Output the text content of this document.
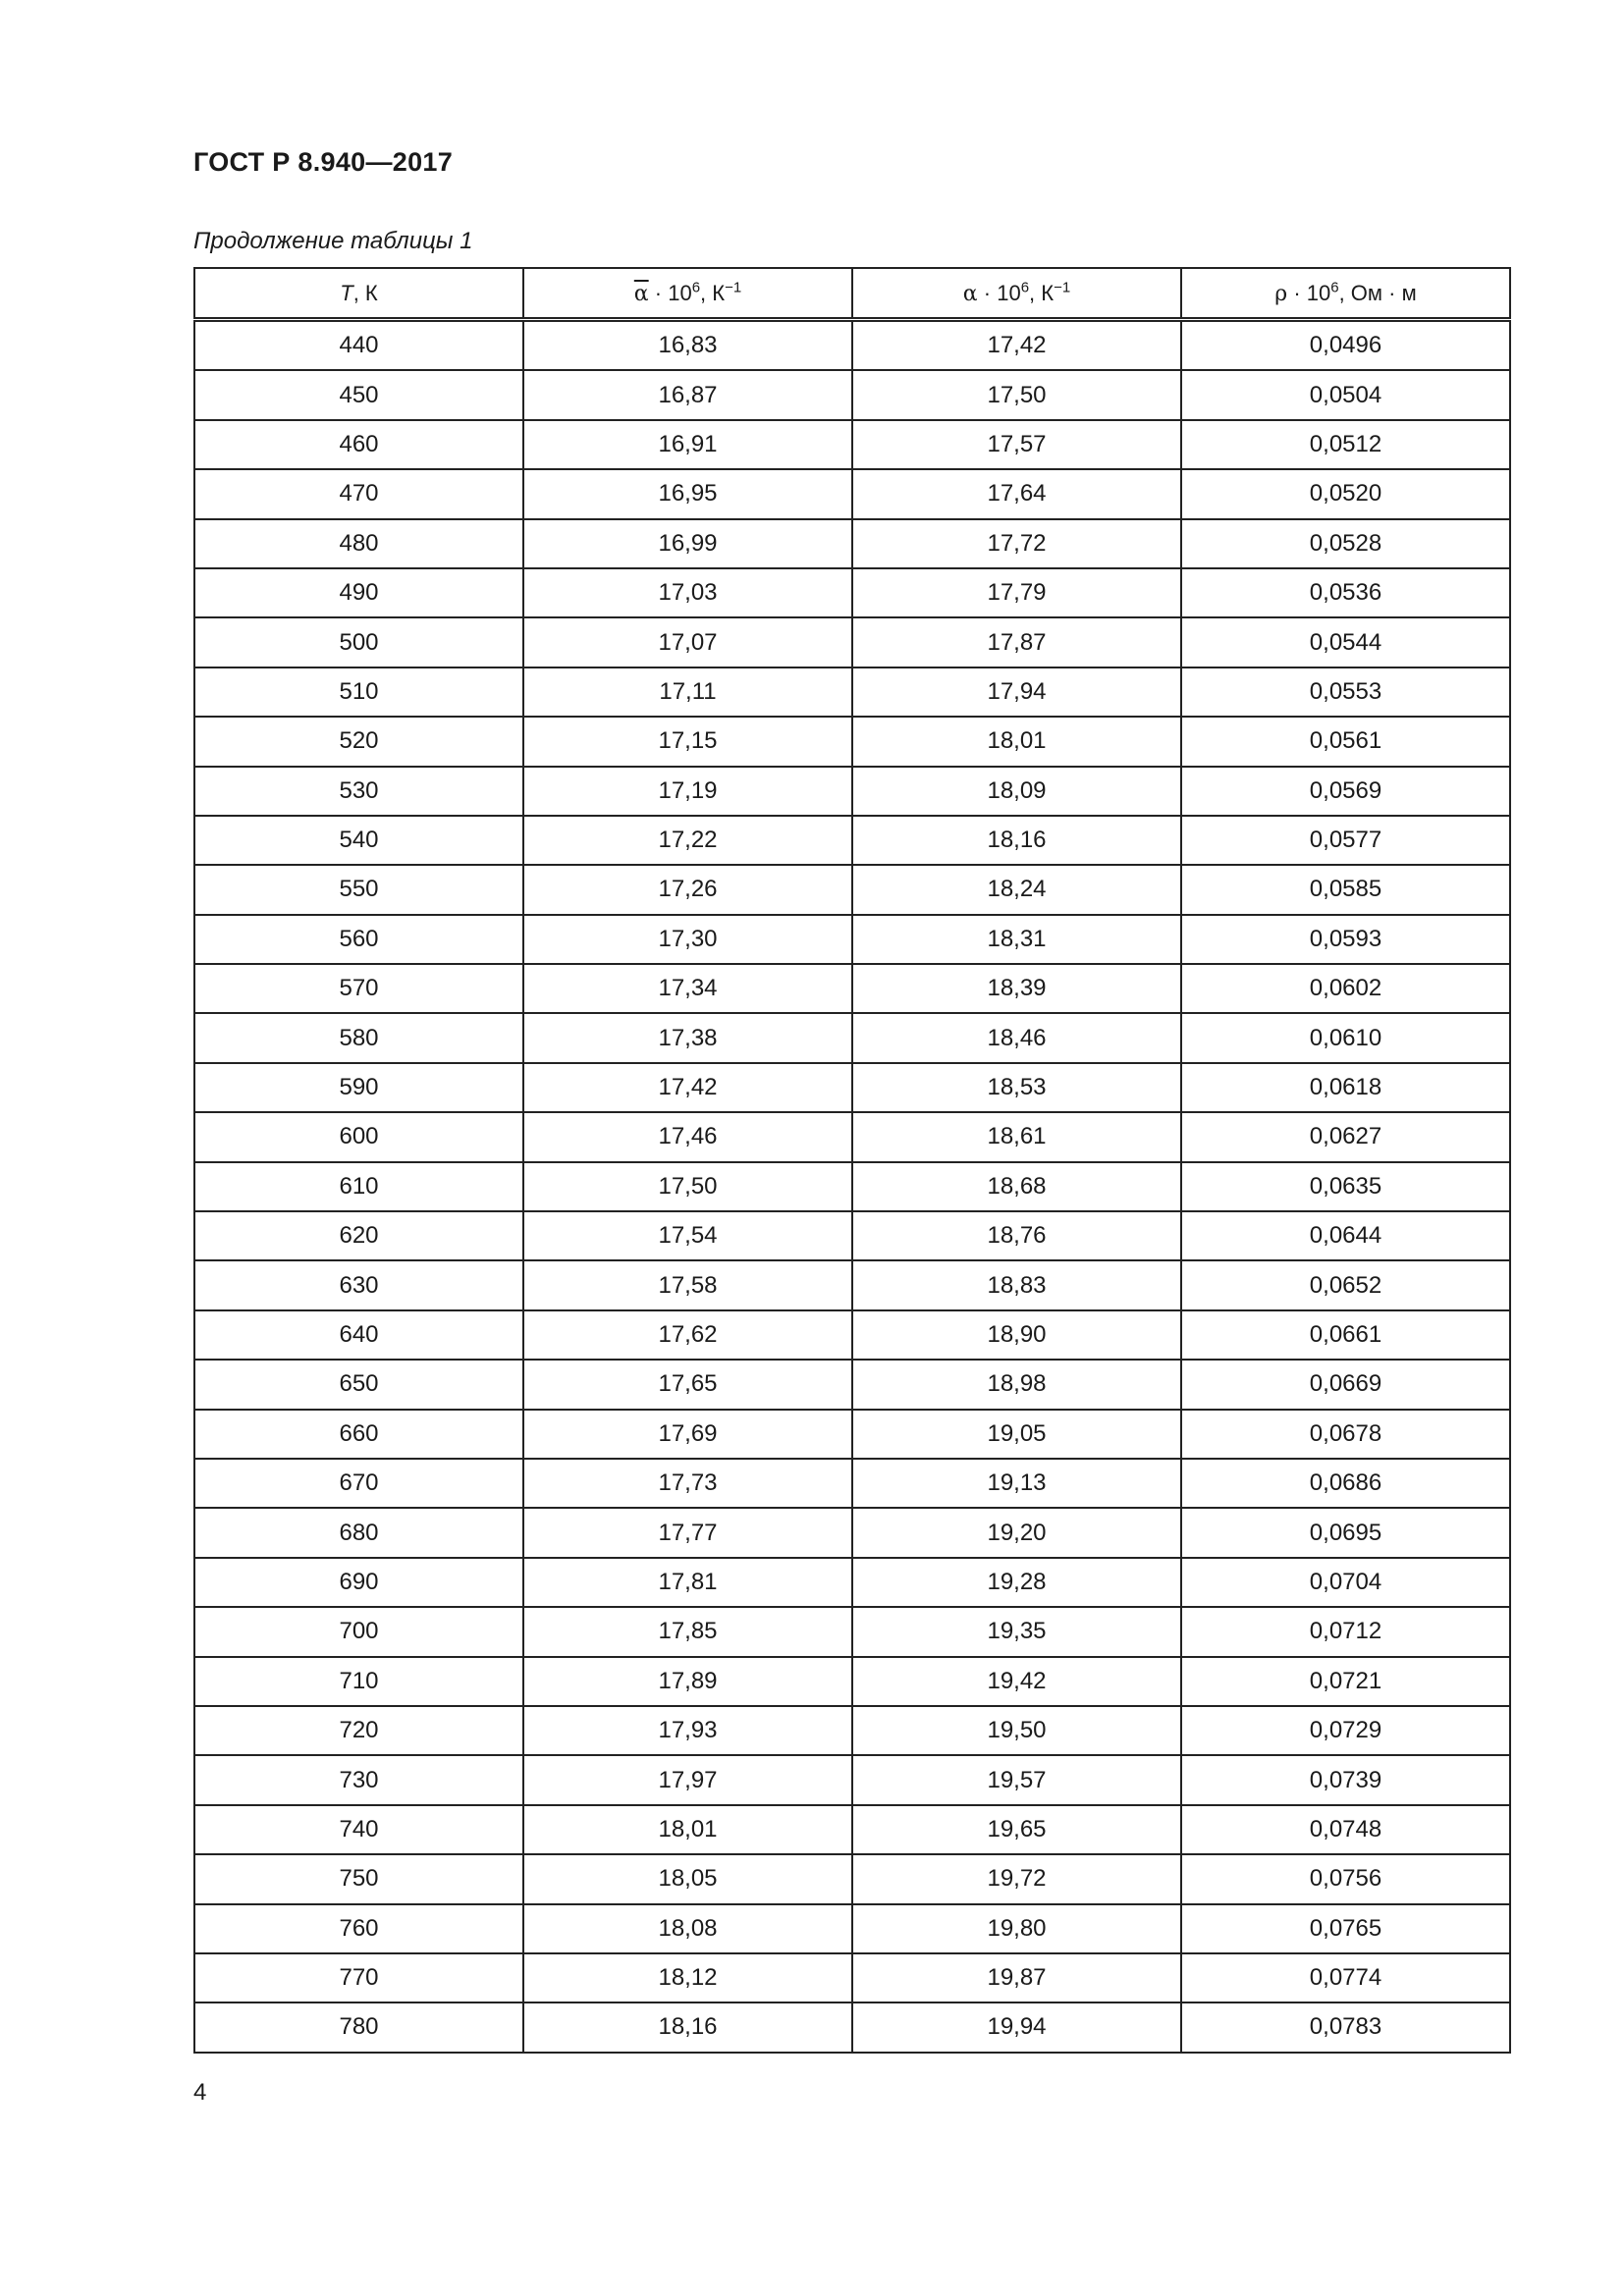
ГОСТ Р 8.940—2017
Продолжение таблицы 1
T, К	$\overline{\alpha} \cdot 10^6$, $К^{-1}$	$\alpha \cdot 10^6$, $К^{-1}$	$\rho \cdot 10^6$, Ом · м
440	16,83	17,42	0,0496
450	16,87	17,50	0,0504
460	16,91	17,57	0,0512
470	16,95	17,64	0,0520
480	16,99	17,72	0,0528
490	17,03	17,79	0,0536
500	17,07	17,87	0,0544
510	17,11	17,94	0,0553
520	17,15	18,01	0,0561
530	17,19	18,09	0,0569
540	17,22	18,16	0,0577
550	17,26	18,24	0,0585
560	17,30	18,31	0,0593
570	17,34	18,39	0,0602
580	17,38	18,46	0,0610
590	17,42	18,53	0,0618
600	17,46	18,61	0,0627
610	17,50	18,68	0,0635
620	17,54	18,76	0,0644
630	17,58	18,83	0,0652
640	17,62	18,90	0,0661
650	17,65	18,98	0,0669
660	17,69	19,05	0,0678
670	17,73	19,13	0,0686
680	17,77	19,20	0,0695
690	17,81	19,28	0,0704
700	17,85	19,35	0,0712
710	17,89	19,42	0,0721
720	17,93	19,50	0,0729
730	17,97	19,57	0,0739
740	18,01	19,65	0,0748
750	18,05	19,72	0,0756
760	18,08	19,80	0,0765
770	18,12	19,87	0,0774
780	18,16	19,94	0,0783
4
